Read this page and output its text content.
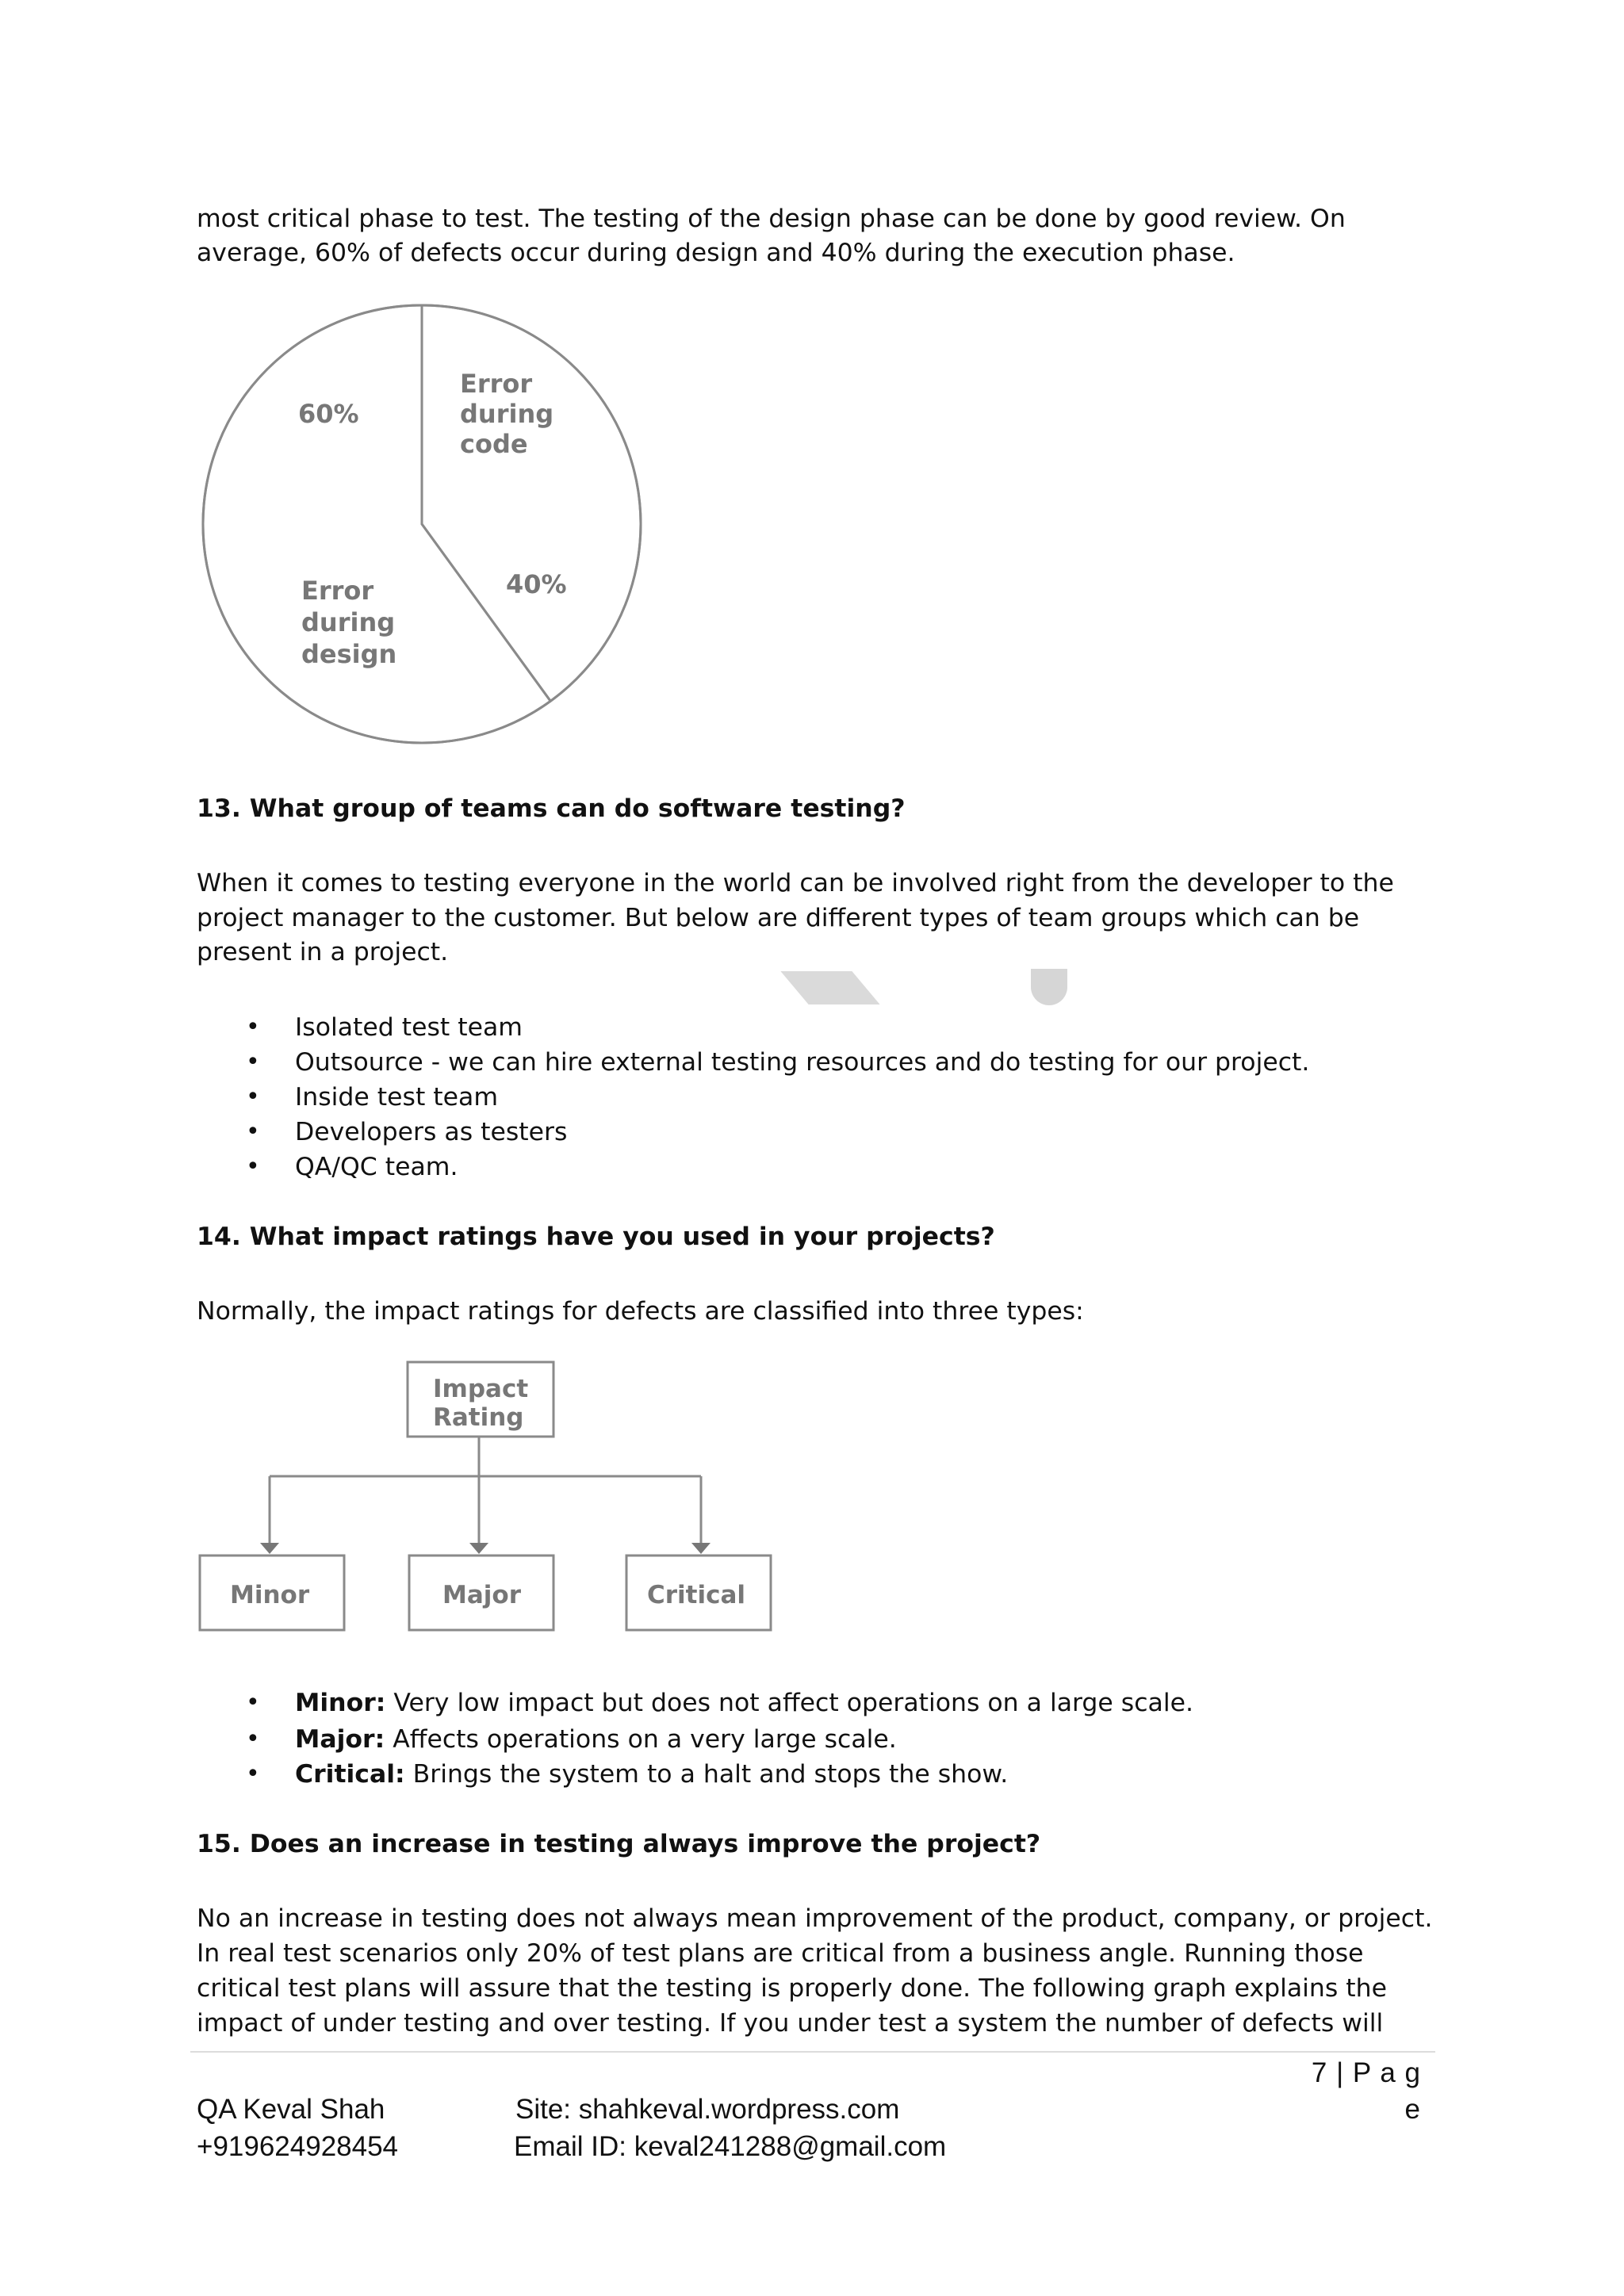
most critical phase to test. The testing of the design phase can be done by good review. On

average, 60% of defects occur during design and 40% during the execution phase.

60%
Error
during
design
Error
during
code
40%

13. What group of teams can do software testing?

When it comes to testing everyone in the world can be involved right from the developer to the

project manager to the customer. But below are different types of team groups which can be

present in a project.

• Isolated test team
• Outsource - we can hire external testing resources and do testing for our project.
• Inside test team
• Developers as testers
• QA/QC team.

14. What impact ratings have you used in your projects?

Normally, the impact ratings for defects are classified into three types:

Impact
Rating
Minor	Major	Critical
• Minor: Very low impact but does not affect operations on a large scale.
• Major: Affects operations on a very large scale.
• Critical: Brings the system to a halt and stops the show.

15. Does an increase in testing always improve the project?

No an increase in testing does not always mean improvement of the product, company, or project.

In real test scenarios only 20% of test plans are critical from a business angle. Running those

critical test plans will assure that the testing is properly done. The following graph explains the

impact of under testing and over testing. If you under test a system the number of defects will

7 | P a g e
QA Keval Shah
+919624928454
Site: shahkeval.wordpress.com
Email ID: keval241288@gmail.com
